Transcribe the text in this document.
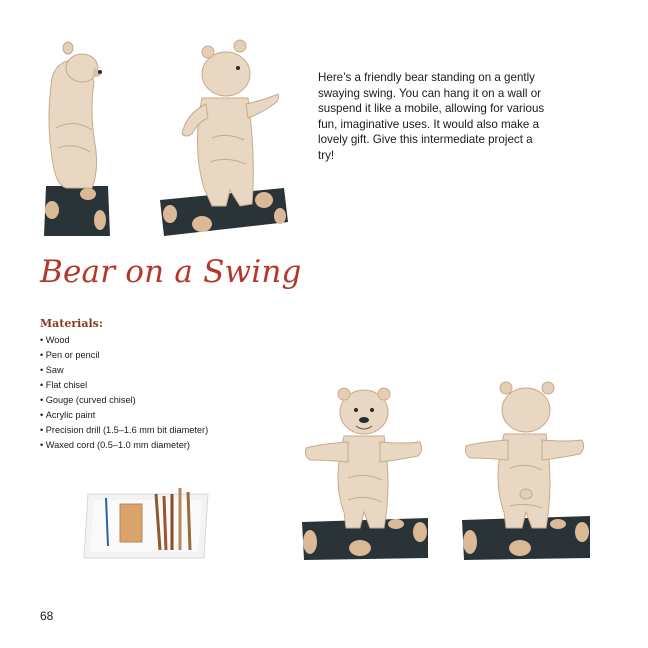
Here’s a friendly bear standing on a gently swaying swing. You can hang it on a wall or suspend it like a mobile, allowing for various fun, imaginative uses. It would also make a lovely gift. Give this intermediate project a try!
Bear on a Swing
Materials:
• Wood
• Pen or pencil
• Saw
• Flat chisel
• Gouge (curved chisel)
• Acrylic paint
• Precision drill (1.5–1.6 mm bit diameter)
• Waxed cord (0.5–1.0 mm diameter)
68
